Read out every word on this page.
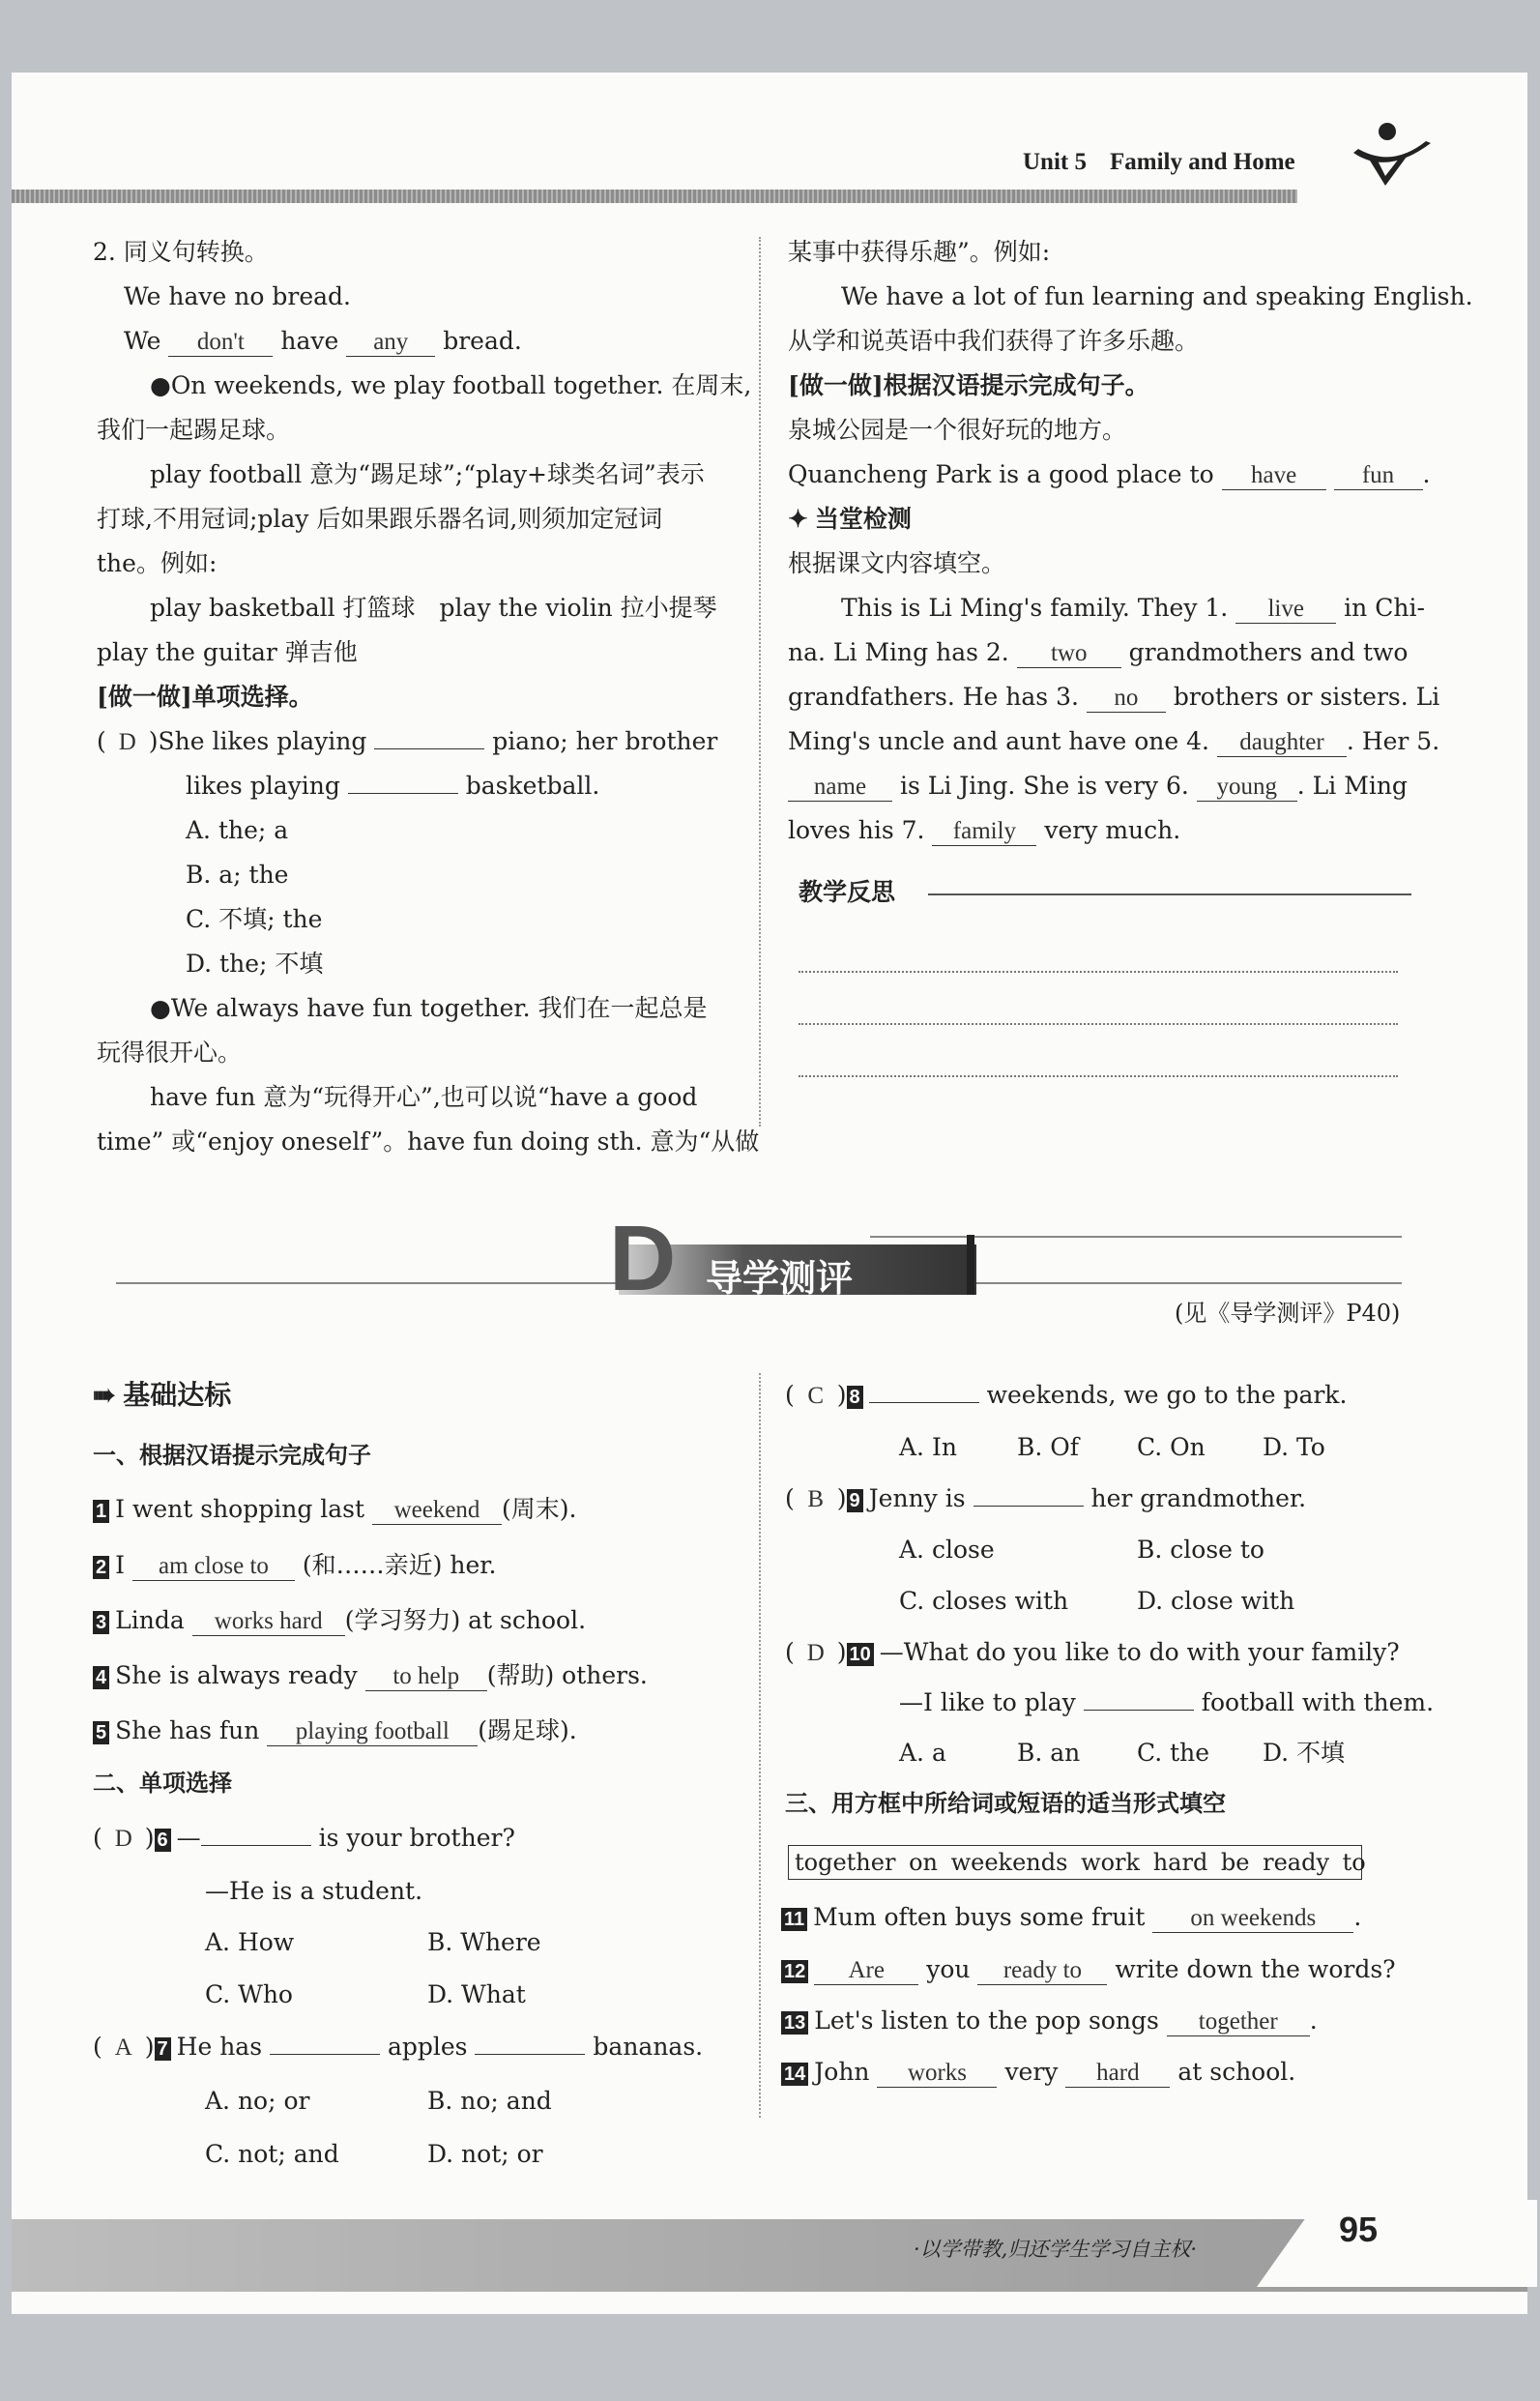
Unit 5 Family and Home
2. 同义句转换。
We have no bread.
We don't have any bread.
●On weekends, we play football together. 在周末,
我们一起踢足球。
play football 意为“踢足球”;“play+球类名词”表示
打球,不用冠词;play 后如果跟乐器名词,则须加定冠词
the。例如:
play basketball 打篮球　play the violin 拉小提琴
play the guitar 弹吉他
[做一做]单项选择。
( D )She likes playing	piano; her brother
likes playing	basketball.
A. the; a
B. a; the
C. 不填; the
D. the; 不填
●We always have fun together. 我们在一起总是
玩得很开心。
have fun 意为“玩得开心”,也可以说“have a good
time” 或“enjoy oneself”。have fun doing sth. 意为“从做
某事中获得乐趣”。例如:
We have a lot of fun learning and speaking English.
从学和说英语中我们获得了许多乐趣。
[做一做]根据汉语提示完成句子。
泉城公园是一个很好玩的地方。
Quancheng Park is a good place to have	fun .
✦ 当堂检测
根据课文内容填空。
This is Li Ming's family. They 1. live in Chi-
na. Li Ming has 2. two grandmothers and two
grandfathers. He has 3. no brothers or sisters. Li
Ming's uncle and aunt have one 4. daughter . Her 5.
name is Li Jing. She is very 6. young . Li Ming
loves his 7. family very much.
教学反思
D 导学测评
(见《导学测评》P40)
➠ 基础达标
一、根据汉语提示完成句子
1 I went shopping last weekend (周末).
2 I am close to (和……亲近) her.
3 Linda works hard (学习努力) at school.
4 She is always ready to help (帮助) others.
5 She has fun playing football (踢足球).
二、单项选择
( D ) 6 —	is your brother?
—He is a student.
A. How	B. Where
C. Who	D. What
( A ) 7 He has	apples	bananas.
A. no; or	B. no; and
C. not; and	D. not; or
( C ) 8	weekends, we go to the park.
A. In B. Of C. On D. To
( B ) 9 Jenny is	her grandmother.
A. close	B. close to
C. closes with	D. close with
( D ) 10 —What do you like to do with your family?
—I like to play	football with them.
A. a	B. an C. the D. 不填
三、用方框中所给词或短语的适当形式填空
together on weekends work hard be ready to
11 Mum often buys some fruit on weekends .
12 Are you ready to write down the words?
13 Let's listen to the pop songs together .
14 John works very hard at school.
·以学带教,归还学生学习自主权·	95
